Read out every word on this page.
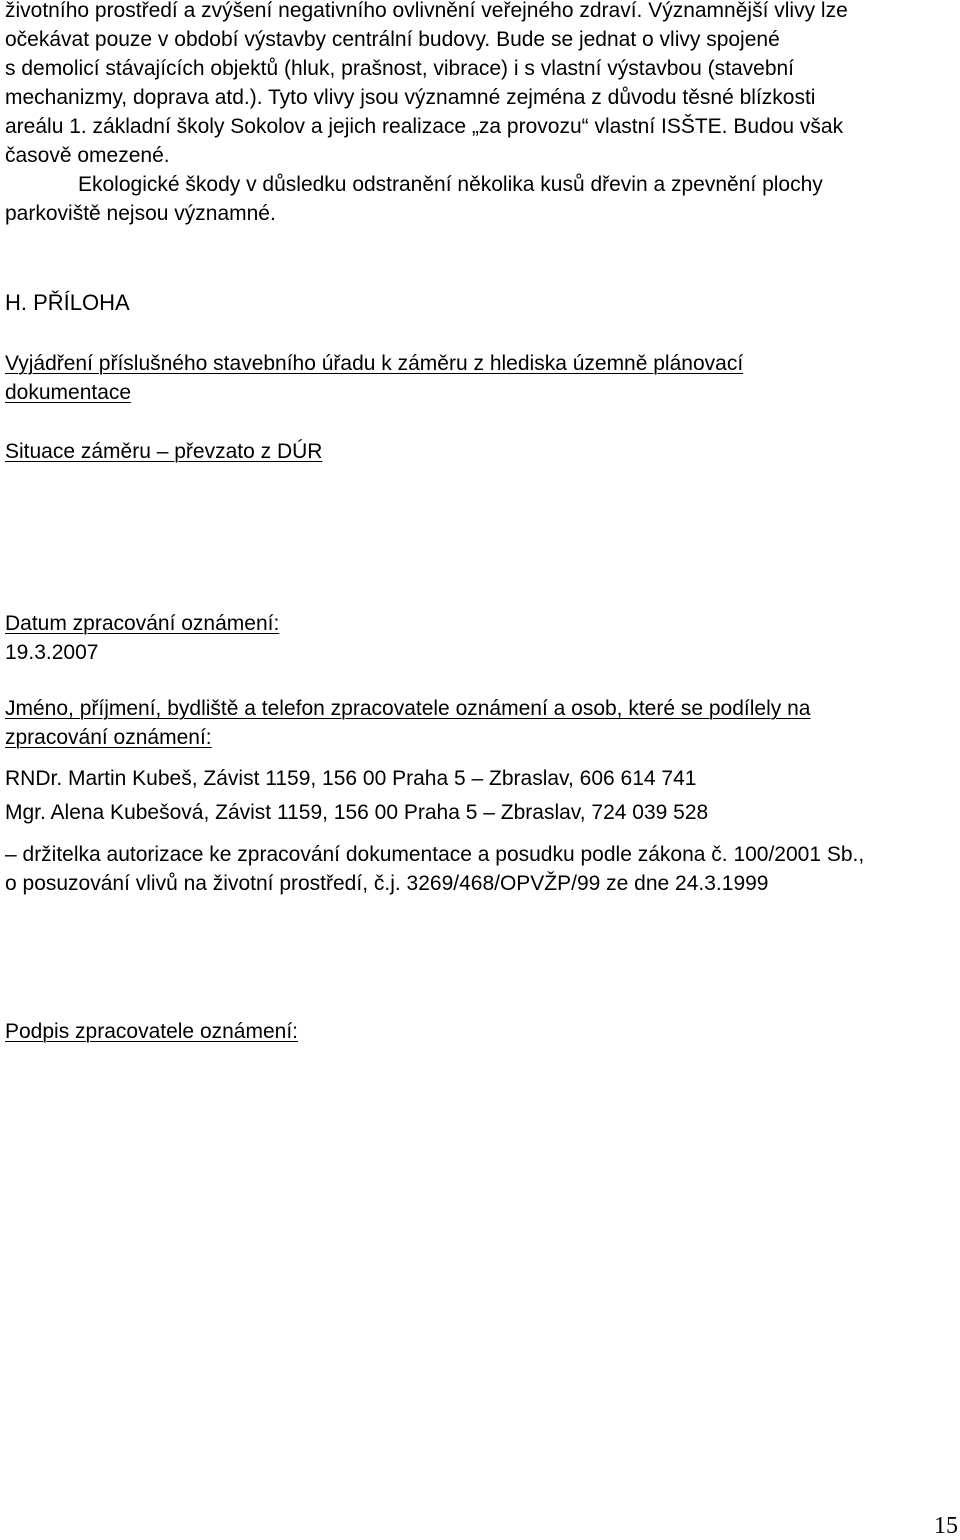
životního prostředí a zvýšení negativního ovlivnění veřejného zdraví. Významnější vlivy lze
očekávat pouze v období výstavby centrální budovy. Bude se jednat o vlivy spojené
s demolicí stávajících objektů (hluk, prašnost, vibrace) i s vlastní výstavbou (stavební
mechanizmy, doprava atd.). Tyto vlivy jsou významné zejména z důvodu těsné blízkosti
areálu 1. základní školy Sokolov a jejich realizace „za provozu“ vlastní ISŠTE. Budou však
časově omezené.
Ekologické škody v důsledku odstranění několika kusů dřevin a zpevnění plochy
parkoviště nejsou významné.
H. PŘÍLOHA
Vyjádření příslušného stavebního úřadu k záměru z hlediska územně plánovací
dokumentace
Situace záměru – převzato z DÚR
Datum zpracování oznámení:
19.3.2007
Jméno, příjmení, bydliště a telefon zpracovatele oznámení a osob, které se podílely na
zpracování oznámení:
RNDr. Martin Kubeš, Závist 1159, 156 00 Praha 5 – Zbraslav, 606 614 741
Mgr. Alena Kubešová, Závist 1159, 156 00 Praha 5 – Zbraslav, 724 039 528
– držitelka autorizace ke zpracování dokumentace a posudku podle zákona č. 100/2001 Sb.,
o posuzování vlivů na životní prostředí, č.j. 3269/468/OPVŽP/99 ze dne 24.3.1999
Podpis zpracovatele oznámení:
15
